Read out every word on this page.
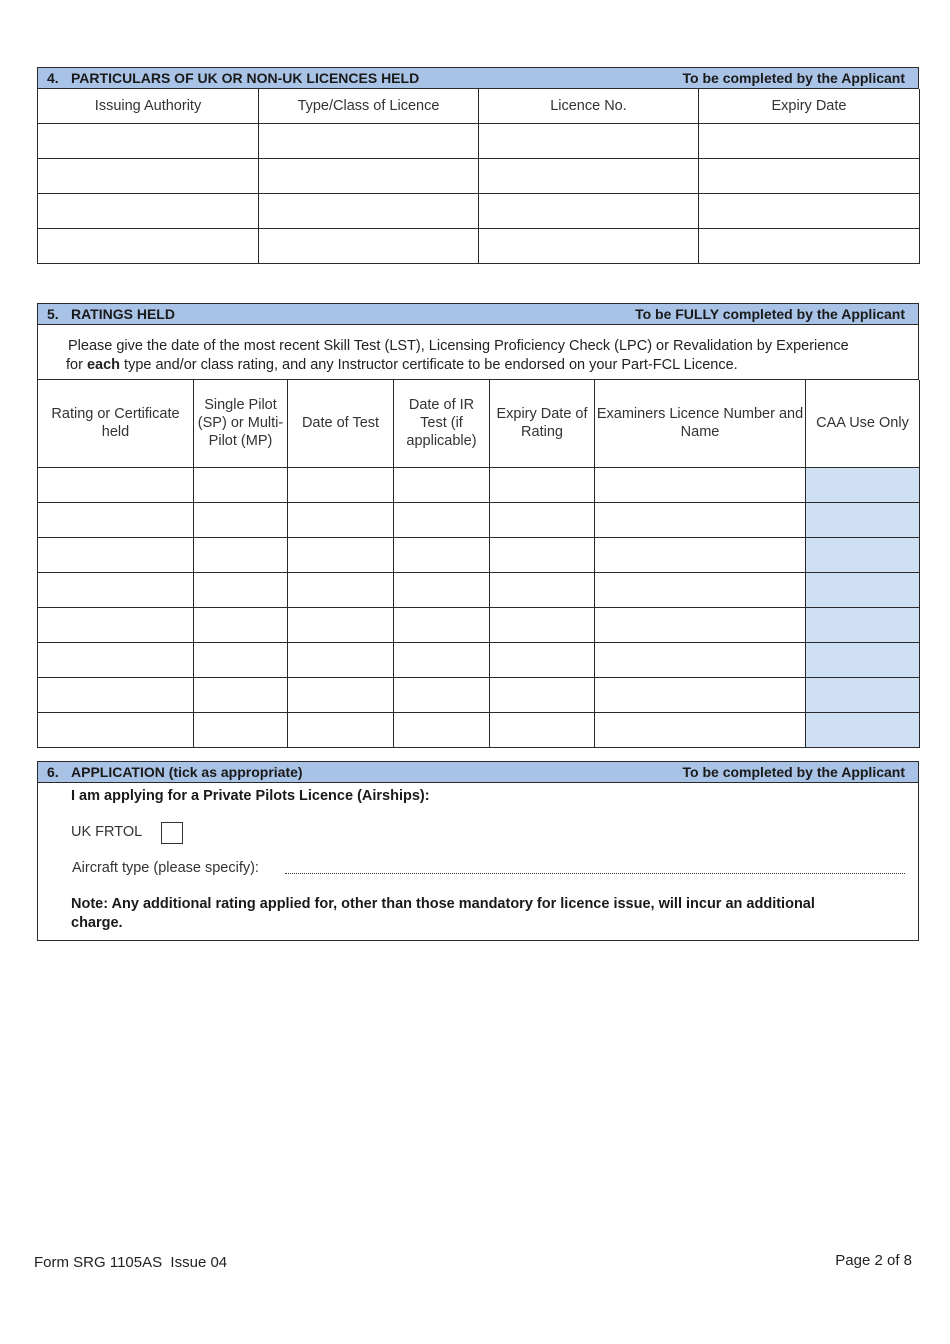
4. PARTICULARS OF UK OR NON-UK LICENCES HELD	To be completed by the Applicant
Issuing Authority	Type/Class of Licence	Licence No.	Expiry Date

5. RATINGS HELD	To be FULLY completed by the Applicant
Please give the date of the most recent Skill Test (LST), Licensing Proficiency Check (LPC) or Revalidation by Experience
for each type and/or class rating, and any Instructor certificate to be endorsed on your Part-FCL Licence.
Rating or Certificate held	Single Pilot (SP) or Multi-Pilot (MP)	Date of Test	Date of IR Test (if applicable)	Expiry Date of Rating	Examiners Licence Number and Name	CAA Use Only

6. APPLICATION (tick as appropriate)	To be completed by the Applicant
I am applying for a Private Pilots Licence (Airships):
UK FRTOL
Aircraft type (please specify):
Note: Any additional rating applied for, other than those mandatory for licence issue, will incur an additional
charge.
Form SRG 1105AS  Issue 04	Page 2 of 8
